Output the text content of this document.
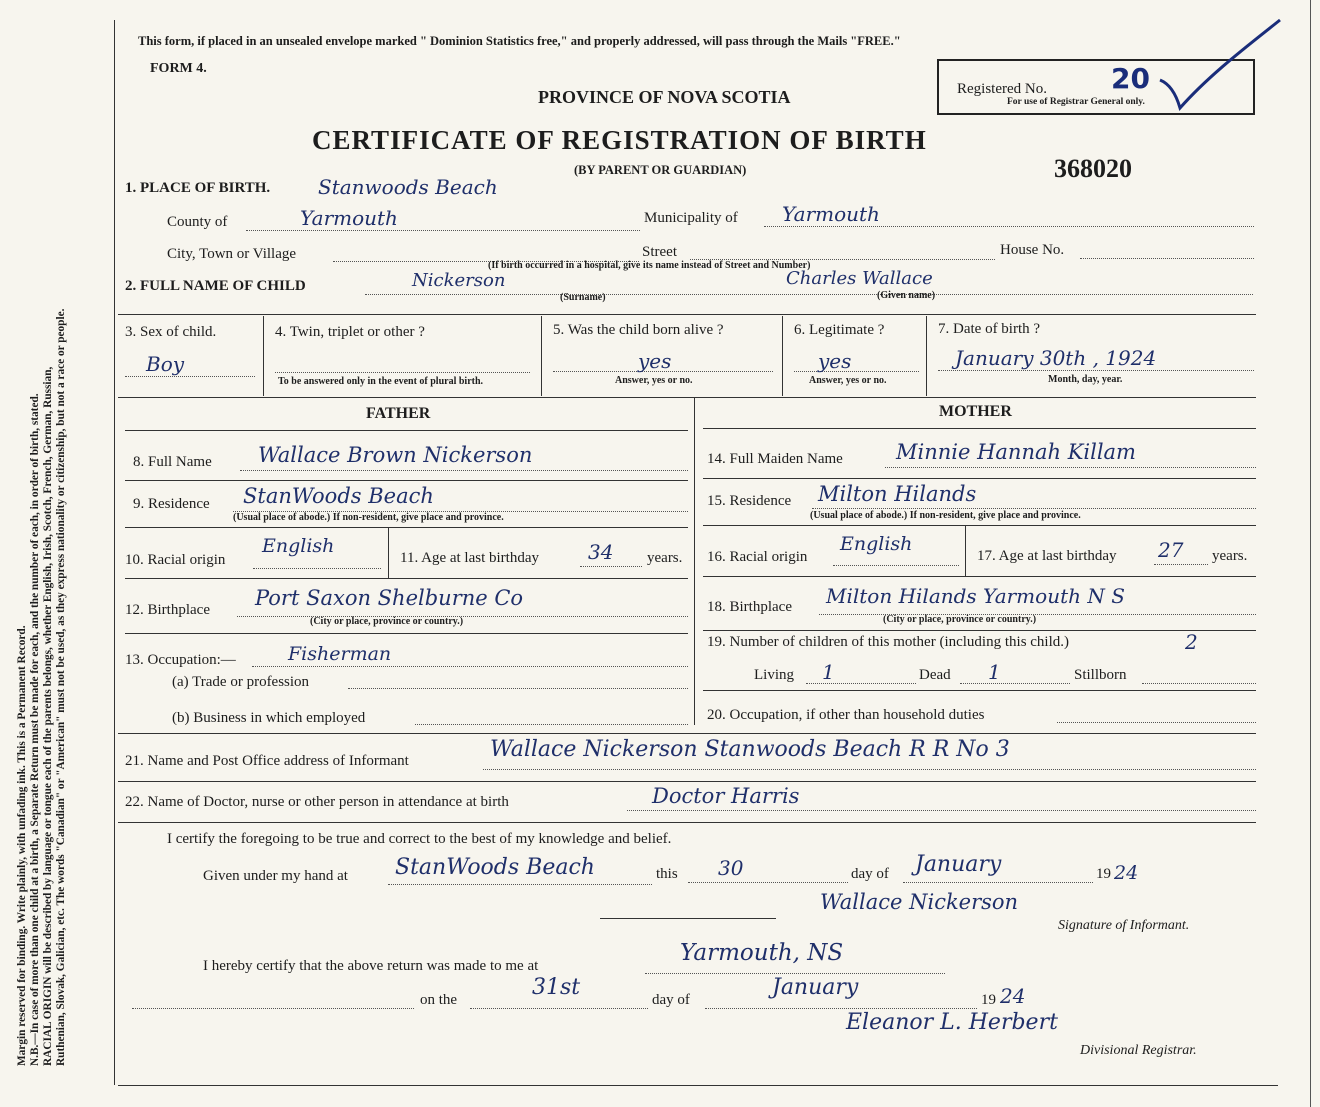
Margin reserved for binding. Write plainly, with unfading ink. This is a Permanent Record. N.B.—In case of more than one child at a birth, a Separate Return must be made for each, and the number of each, in order of birth, stated. RACIAL ORIGIN will be described by language or tongue each of the parents belongs, whether English, Irish, Scotch, French, German, Russian, Ruthenian, Slovak, Galician, etc. The words "Canadian" or "American" must not be used, as they express nationality or citizenship, but not a race or people.
This form, if placed in an unsealed envelope marked " Dominion Statistics free," and properly addressed, will pass through the Mails "FREE."
FORM 4.
PROVINCE OF NOVA SCOTIA
CERTIFICATE OF REGISTRATION OF BIRTH
(BY PARENT OR GUARDIAN)	368020
Registered No. 20
For use of Registrar General only.
1. PLACE OF BIRTH. Stanwoods Beach
County of	Yarmouth	Municipality of Yarmouth
City, Town or Village	Street	House No.
(If birth occurred in a hospital, give its name instead of Street and Number)
2. FULL NAME OF CHILD	Nickerson	Charles Wallace
(Surname)	(Given name)
3. Sex of child.
Boy
4. Twin, triplet or other ?
To be answered only in the event of plural birth.
5. Was the child born alive ?
yes
Answer, yes or no.
6. Legitimate ?
yes
Answer, yes or no.
7. Date of birth ?
January 30th , 1924
Month, day, year.
FATHER	MOTHER
8. Full Name Wallace Brown Nickerson
9. Residence StanWoods Beach
(Usual place of abode.) If non-resident, give place and province.
10. Racial origin
English
11. Age at last birthday 34 years.
12. Birthplace Port Saxon Shelburne Co
(City or place, province or country.)
13. Occupation:—	Fisherman
(a) Trade or profession
(b) Business in which employed
14. Full Maiden Name	Minnie Hannah Killam
15. Residence Milton Hilands
(Usual place of abode.) If non-resident, give place and province.
16. Racial origin
English
17. Age at last birthday 27 years.
18. Birthplace Milton Hilands Yarmouth N S
(City or place, province or country.)
19. Number of children of this mother (including this child.)	2
Living 1	Dead 1	Stillborn
20. Occupation, if other than household duties
21. Name and Post Office address of Informant	Wallace Nickerson Stanwoods Beach R R No 3
22. Name of Doctor, nurse or other person in attendance at birth	Doctor Harris
I certify the foregoing to be true and correct to the best of my knowledge and belief.
Given under my hand at StanWoods Beach	this 30	day of January	19 24
Wallace Nickerson
Signature of Informant.
I hereby certify that the above return was made to me at	Yarmouth, NS
on the	31st	day of	January	19 24
Eleanor L. Herbert
Divisional Registrar.
